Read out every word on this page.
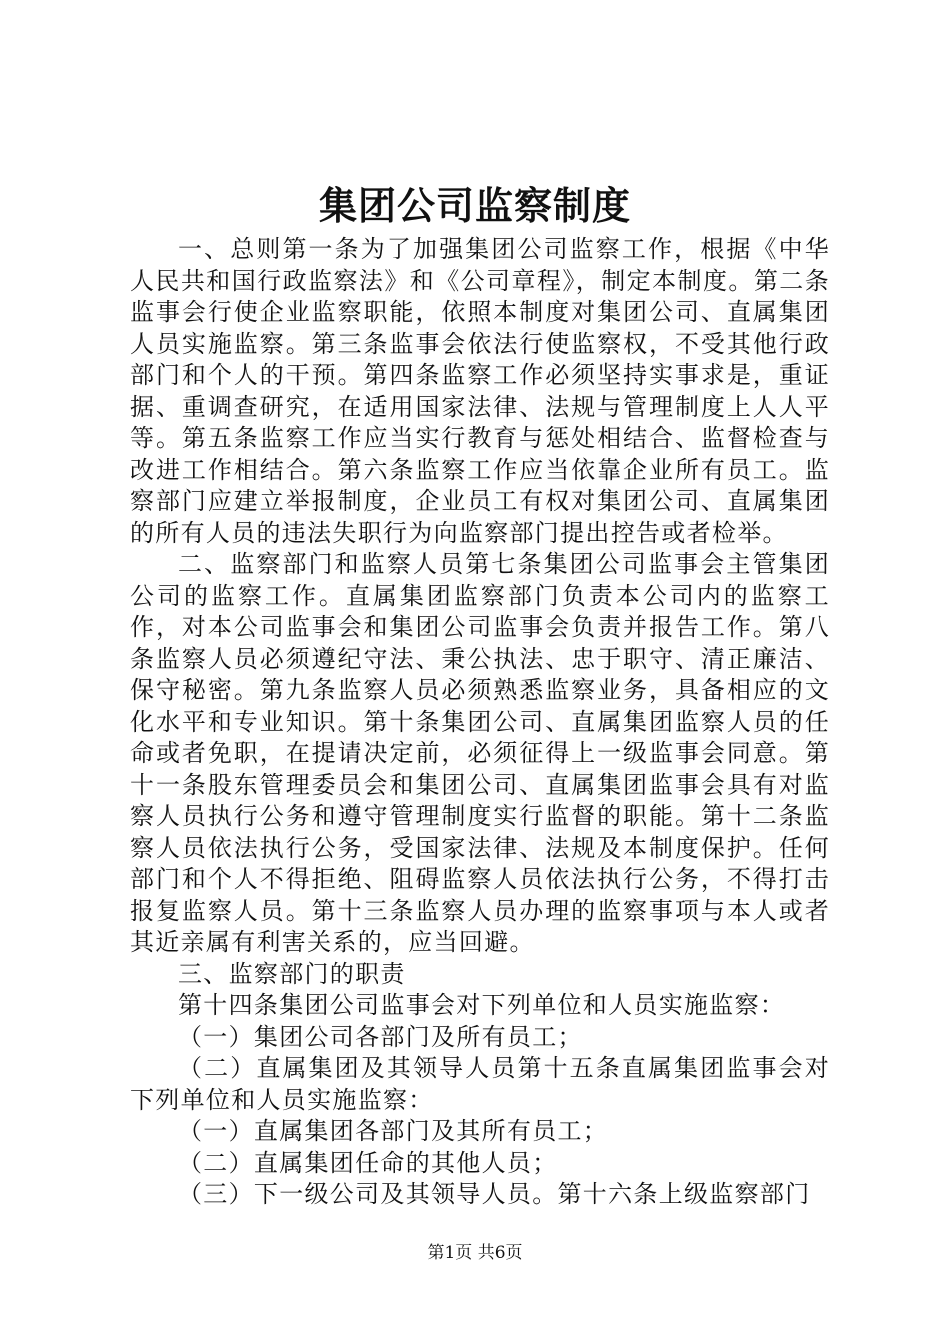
集团公司监察制度

一、总则第一条为了加强集团公司监察工作，根据《中华人民共和国行政监察法》和《公司章程》，制定本制度。第二条监事会行使企业监察职能，依照本制度对集团公司、直属集团人员实施监察。第三条监事会依法行使监察权，不受其他行政部门和个人的干预。第四条监察工作必须坚持实事求是，重证据、重调查研究，在适用国家法律、法规与管理制度上人人平等。第五条监察工作应当实行教育与惩处相结合、监督检查与改进工作相结合。第六条监察工作应当依靠企业所有员工。监察部门应建立举报制度，企业员工有权对集团公司、直属集团的所有人员的违法失职行为向监察部门提出控告或者检举。

二、监察部门和监察人员第七条集团公司监事会主管集团公司的监察工作。直属集团监察部门负责本公司内的监察工作，对本公司监事会和集团公司监事会负责并报告工作。第八条监察人员必须遵纪守法、秉公执法、忠于职守、清正廉洁、保守秘密。第九条监察人员必须熟悉监察业务，具备相应的文化水平和专业知识。第十条集团公司、直属集团监察人员的任命或者免职，在提请决定前，必须征得上一级监事会同意。第十一条股东管理委员会和集团公司、直属集团监事会具有对监察人员执行公务和遵守管理制度实行监督的职能。第十二条监察人员依法执行公务，受国家法律、法规及本制度保护。任何部门和个人不得拒绝、阻碍监察人员依法执行公务，不得打击报复监察人员。第十三条监察人员办理的监察事项与本人或者其近亲属有利害关系的，应当回避。

三、监察部门的职责

第十四条集团公司监事会对下列单位和人员实施监察：

（一）集团公司各部门及所有员工；

（二）直属集团及其领导人员第十五条直属集团监事会对下列单位和人员实施监察：

（一）直属集团各部门及其所有员工；

（二）直属集团任命的其他人员；

（三）下一级公司及其领导人员。第十六条上级监察部门

第1页 共6页
